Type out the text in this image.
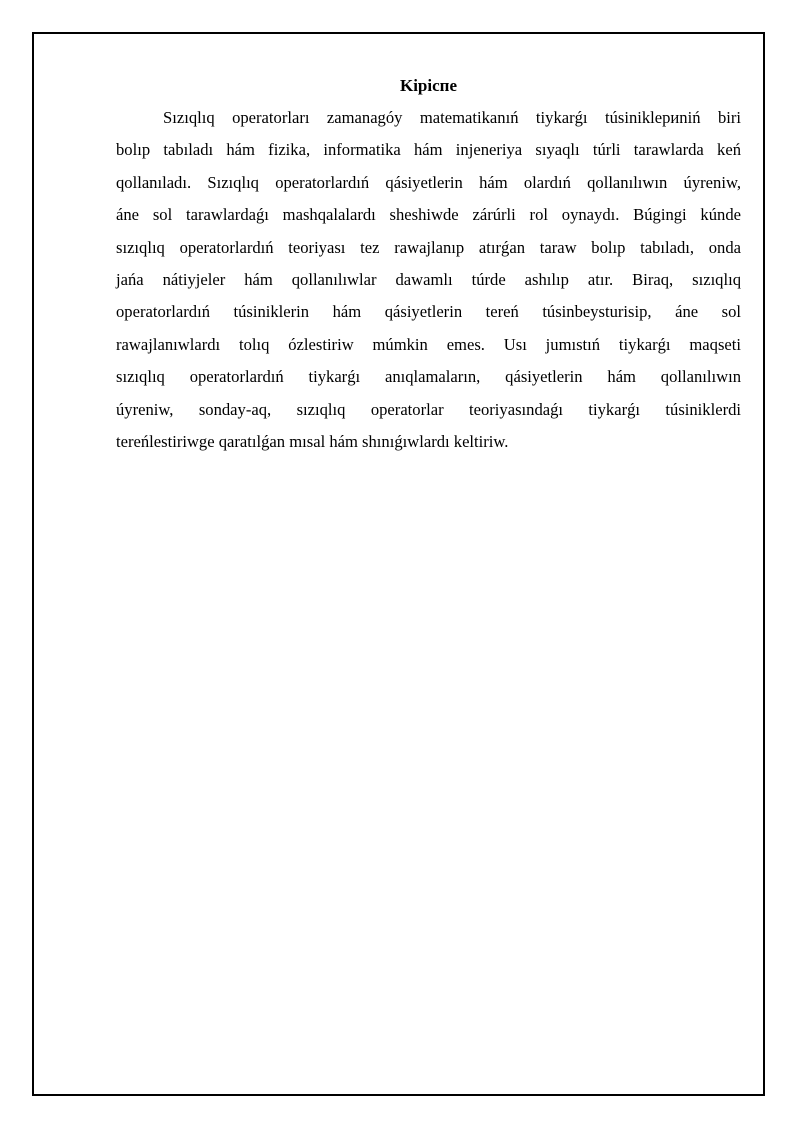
Kipicпe
Sızıqlıq operatorları zamanagóy matematikanıń tiykarǵı túsiniklериniń biri
bolıp tabıladı hám fizika, informatika hám injeneriya sıyaqlı túrli tarawlarda keń
qollanıladı. Sızıqlıq operatorlardıń qásiyetlerin hám olardıń qollanılıwın úyreniw,
áne sol tarawlardaǵı mashqalalardı sheshiwde zárúrli rol oynaydı. Búgingi kúnde
sızıqlıq operatorlardıń teoriyası tez rawajlanıp atırǵan taraw bolıp tabıladı, onda
jańa nátiyjeler hám qollanılıwlar dawamlı túrde ashılıp atır. Biraq, sızıqlıq
operatorlardıń túsiniklerin hám qásiyetlerin tereń túsinbeysturisip, áne sol
rawajlanıwlardı tolıq ózlestiriw múmkin emes. Usı jumıstıń tiykarǵı maqseti
sızıqlıq operatorlardıń tiykarǵı anıqlamaların, qásiyetlerin hám qollanılıwın
úyreniw, sonday-aq, sızıqlıq operatorlar teoriyasındaǵı tiykarǵı túsiniklerdi
tereńlestiriwge qaratılǵan mısal hám shınıǵıwlardı keltiriw.
